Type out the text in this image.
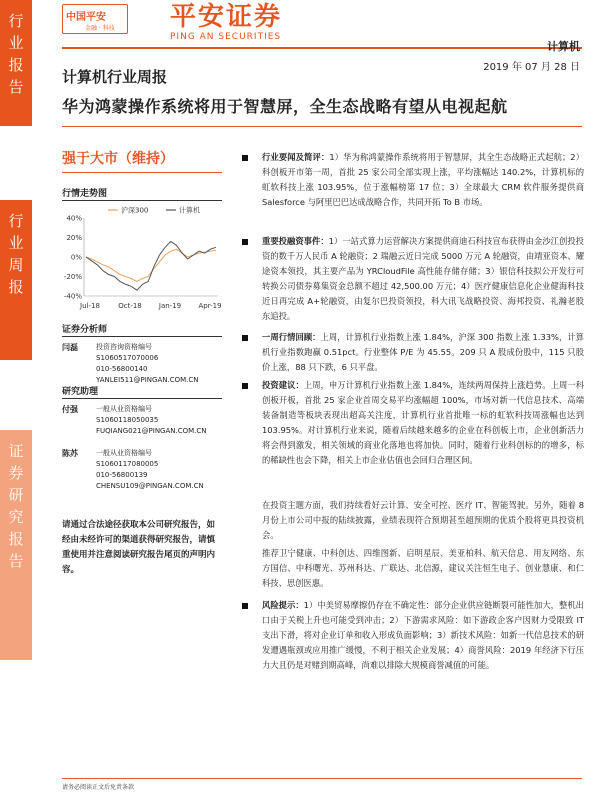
行
业
报
告
行
业
周
报
证
券
研
究
报
告
中国平安
金融 · 科技 平安证券
PING AN SECURITIES
计算机
2019 年 07 月 28 日
计算机行业周报
华为鸿蒙操作系统将用于智慧屏，全生态战略有望从电视起航
强于大市（维持）
行情走势图
40%
20%
0%
-20%
-40%
Jul-18	Oct-18 Jan-19 Apr-19
沪深300	计算机
证券分析师
闫磊	投资咨询资格编号
S1060517070006
010-56800140
YANLEI511@PINGAN.COM.CN
研究助理
付强	一般从业资格编号
S1060118050035
FUQIANG021@PINGAN.COM.CN
陈苏	一般从业资格编号
S1060117080005
010-56800139
CHENSU109@PINGAN.COM.CN
请通过合法途径获取本公司研究报告，如经由未经许可的渠道获得研究报告，请慎重使用并注意阅读研究报告尾页的声明内容。
行业要闻及简评：1）华为称鸿蒙操作系统将用于智慧屏，其全生态战略正式起航；2）科创板开市第一周，首批 25 家公司全部实现上涨，平均涨幅达 140.2%，计算机标的虹软科技上涨 103.95%，位于涨幅榜第 17 位；3）全球最大 CRM 软件服务提供商 Salesforce 与阿里巴巴达成战略合作，共同开拓 To B 市场。
重要投融资事件：1）一站式算力运营解决方案提供商迪石科技宣布获得由金沙江创投投资的数千万人民币 A 轮融资；2 瑞融云近日完成 5000 万元 A 轮融资，由靖亚资本、耀途资本领投，其主要产品为 YRCloudFile 高性能存储存储；3）银信科技拟公开发行可转换公司债券募集资金总额不超过 42,500.00 万元；4）医疗健康信息化企业健海科技近日再完成 A+轮融资，由复尔巴投资领投，科大讯飞战略投资、海邦投资、礼瀚老股东追投。
一周行情回顾：上周，计算机行业指数上涨 1.84%，沪深 300 指数上涨 1.33%，计算机行业指数跑赢 0.51pct。行业整体 P/E 为 45.55。209 只 A 股成份股中，115 只股价上涨，88 只下跌，6 只平盘。
投资建议：上周，申万计算机行业指数上涨 1.84%，连续两周保持上涨趋势。上周一科创板开板，首批 25 家企业首周交易平均涨幅超 100%，市场对新一代信息技术、高端装备制造等板块表现出超高关注度，计算机行业首批唯一标的虹软科技周涨幅也达到 103.95%。对计算机行业来说，随着后续越来越多的企业在科创板上市，企业创新活力将会得到激发，相关领域的商业化落地也将加快。同时，随着行业科创标的的增多，标的稀缺性也会下降，相关上市企业估值也会回归合理区间。
在投资主题方面，我们持续看好云计算、安全可控、医疗 IT、智能驾驶。另外，随着 8 月份上市公司中报的陆续披露，业绩表现符合预期甚至超预期的优质个股将更具投资机会。
推荐卫宁健康、中科创达、四维图新、启明星辰、美亚柏科、航天信息、用友网络、东方国信、中科曙光、苏州科达、广联达、北信源，建议关注恒生电子、创业慧康、和仁科技、思创医惠。
风险提示：1）中美贸易摩擦仍存在不确定性：部分企业供应链断裂可能性加大，整机出口由于关税上升也可能受到冲击；2）下游需求风险：如下游政企客户因财力受限致 IT 支出下滑，将对企业订单和收入形成负面影响；3）新技术风险：如新一代信息技术的研发遭遇瓶颈或应用推广缓慢，不利于相关企业发展；4）商誉风险：2019 年经济下行压力大且仍是对赌到期高峰，尚难以排除大规模商誉减值的可能。
请务必阅读正文后免责条款
